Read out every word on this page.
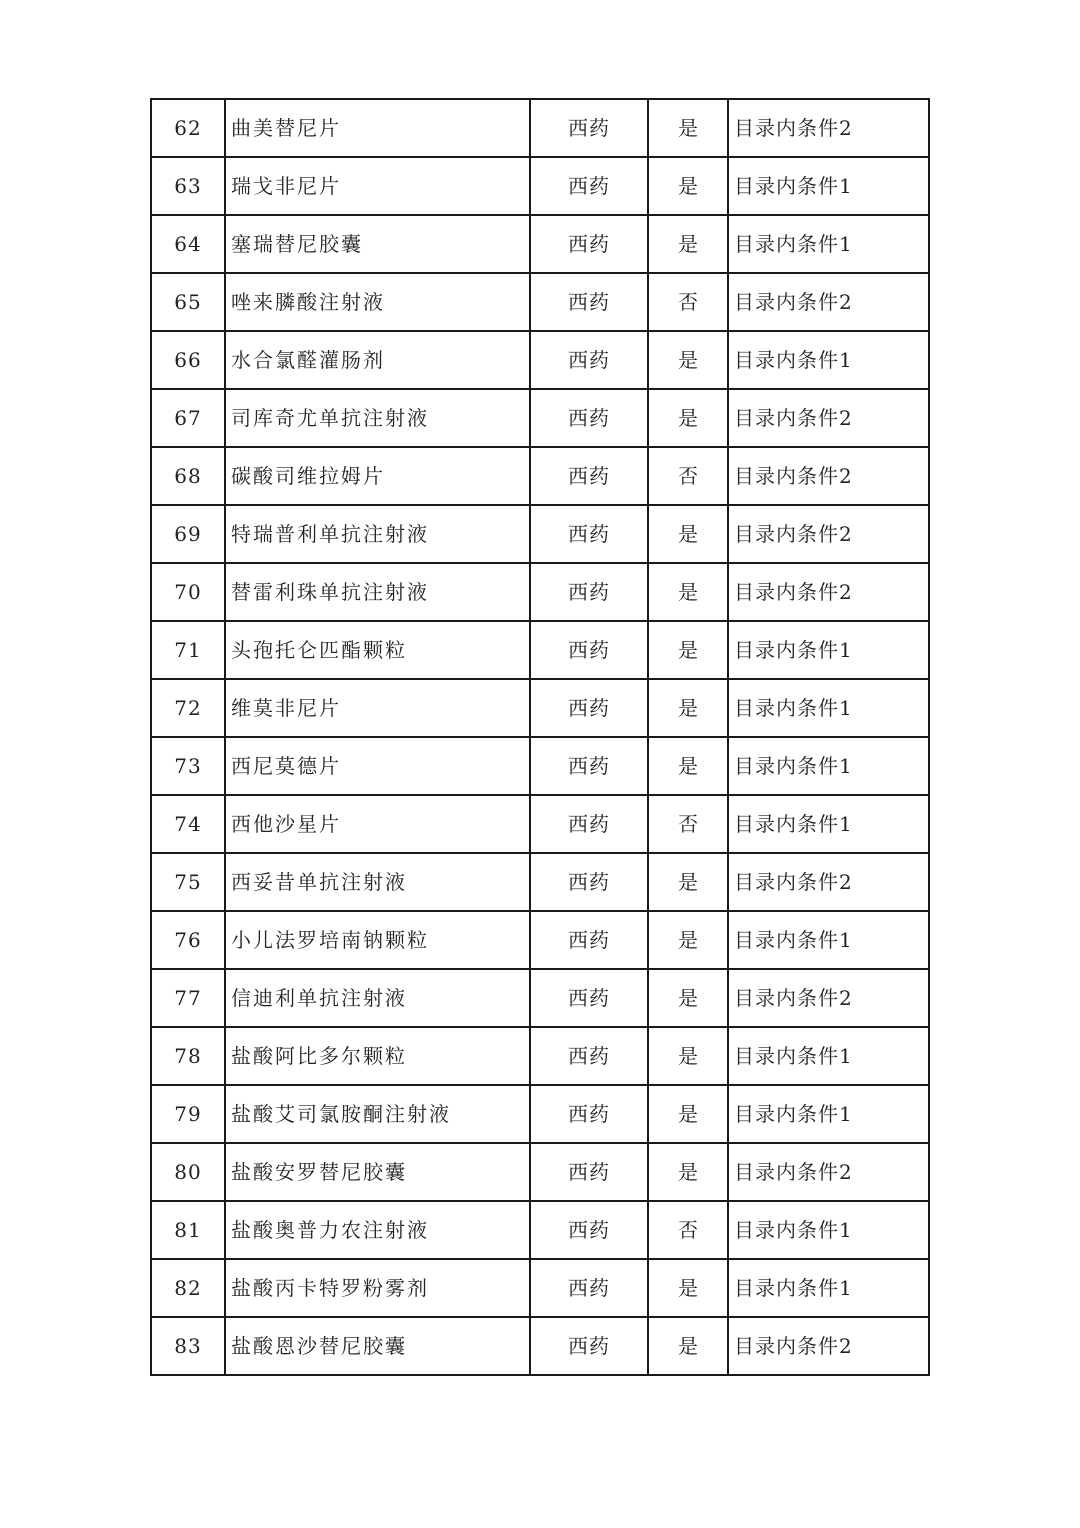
62	曲美替尼片	西药	是	目录内条件2
63	瑞戈非尼片	西药	是	目录内条件1
64	塞瑞替尼胶囊	西药	是	目录内条件1
65	唑来膦酸注射液	西药	否	目录内条件2
66	水合氯醛灌肠剂	西药	是	目录内条件1
67	司库奇尤单抗注射液	西药	是	目录内条件2
68	碳酸司维拉姆片	西药	否	目录内条件2
69	特瑞普利单抗注射液	西药	是	目录内条件2
70	替雷利珠单抗注射液	西药	是	目录内条件2
71	头孢托仑匹酯颗粒	西药	是	目录内条件1
72	维莫非尼片	西药	是	目录内条件1
73	西尼莫德片	西药	是	目录内条件1
74	西他沙星片	西药	否	目录内条件1
75	西妥昔单抗注射液	西药	是	目录内条件2
76	小儿法罗培南钠颗粒	西药	是	目录内条件1
77	信迪利单抗注射液	西药	是	目录内条件2
78	盐酸阿比多尔颗粒	西药	是	目录内条件1
79	盐酸艾司氯胺酮注射液	西药	是	目录内条件1
80	盐酸安罗替尼胶囊	西药	是	目录内条件2
81	盐酸奥普力农注射液	西药	否	目录内条件1
82	盐酸丙卡特罗粉雾剂	西药	是	目录内条件1
83	盐酸恩沙替尼胶囊	西药	是	目录内条件2
